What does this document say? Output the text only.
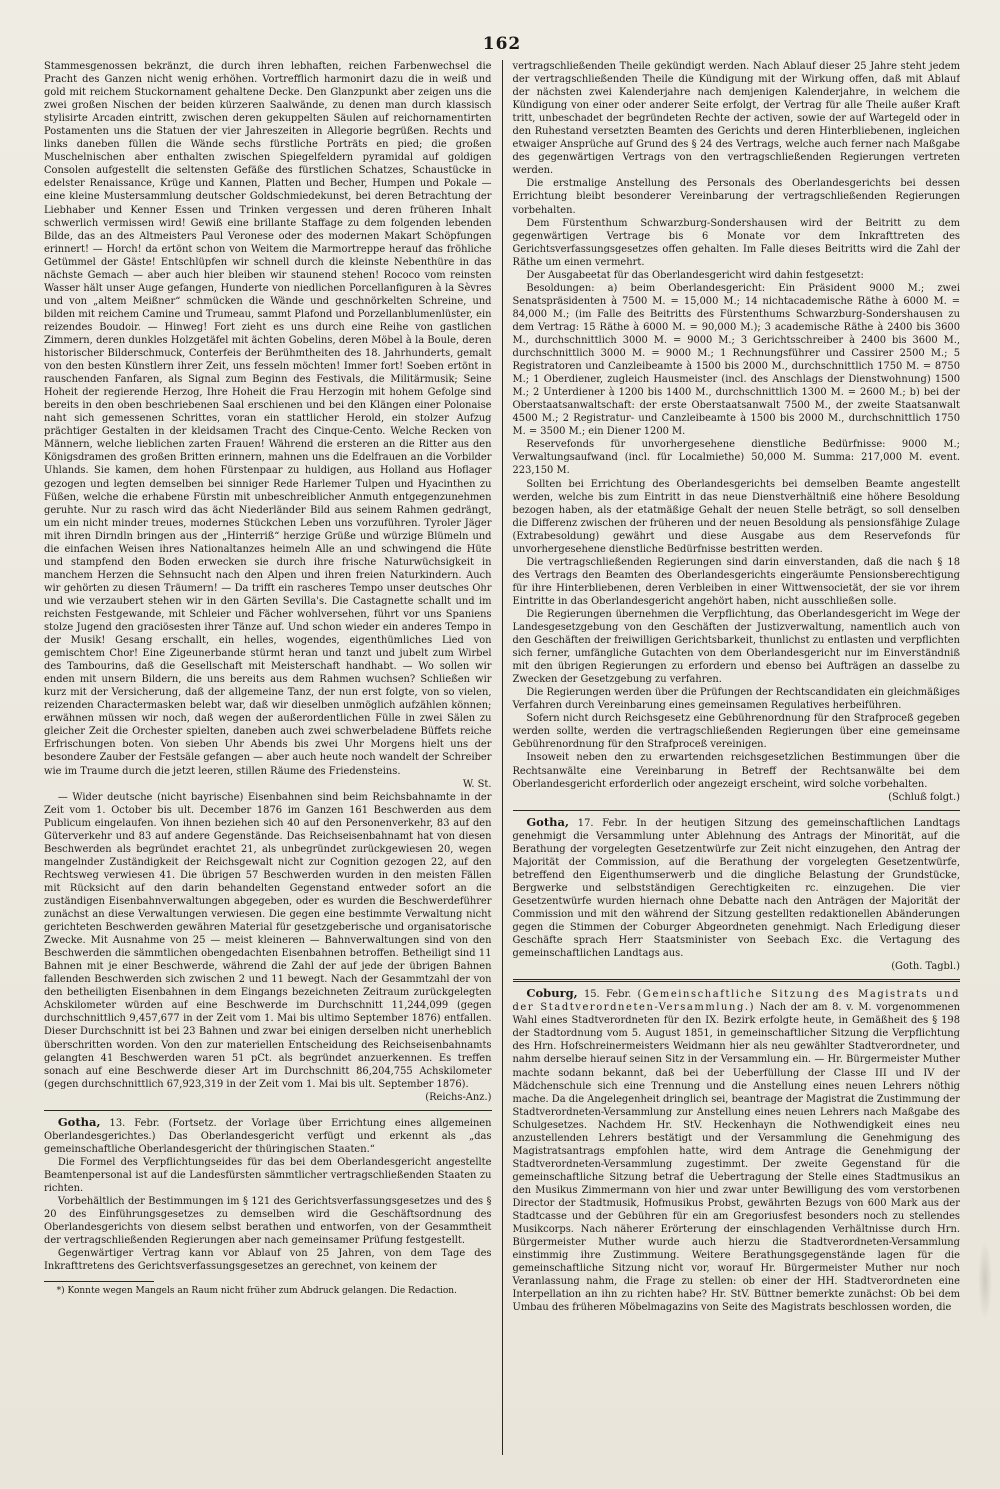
162

Stammesgenossen bekränzt, die durch ihren lebhaften, reichen Farbenwechsel die Pracht des Ganzen nicht wenig erhöhen. Vortrefflich harmonirt dazu die in weiß und gold mit reichem Stuckornament gehaltene Decke. Den Glanzpunkt aber zeigen uns die zwei großen Nischen der beiden kürzeren Saalwände, zu denen man durch klassisch stylisirte Arcaden eintritt, zwischen deren gekuppelten Säulen auf reichornamentirten Postamenten uns die Statuen der vier Jahreszeiten in Allegorie begrüßen. Rechts und links daneben füllen die Wände sechs fürstliche Porträts en pied; die großen Muschelnischen aber enthalten zwischen Spiegelfeldern pyramidal auf goldigen Consolen aufgestellt die seltensten Gefäße des fürstlichen Schatzes, Schaustücke in edelster Renaissance, Krüge und Kannen, Platten und Becher, Humpen und Pokale — eine kleine Mustersammlung deutscher Goldschmiedekunst, bei deren Betrachtung der Liebhaber und Kenner Essen und Trinken vergessen und deren früheren Inhalt schwerlich vermissen wird! Gewiß eine brillante Staffage zu dem folgenden lebenden Bilde, das an des Altmeisters Paul Veronese oder des modernen Makart Schöpfungen erinnert! — Horch! da ertönt schon von Weitem die Marmortreppe herauf das fröhliche Getümmel der Gäste! Entschlüpfen wir schnell durch die kleinste Nebenthüre in das nächste Gemach — aber auch hier bleiben wir staunend stehen! Rococo vom reinsten Wasser hält unser Auge gefangen, Hunderte von niedlichen Porcellanfiguren à la Sèvres und von „altem Meißner“ schmücken die Wände und geschnörkelten Schreine, und bilden mit reichem Camine und Trumeau, sammt Plafond und Porzellanblumenlüster, ein reizendes Boudoir. — Hinweg! Fort zieht es uns durch eine Reihe von gastlichen Zimmern, deren dunkles Holzgetäfel mit ächten Gobelins, deren Möbel à la Boule, deren historischer Bilderschmuck, Conterfeis der Berühmtheiten des 18. Jahrhunderts, gemalt von den besten Künstlern ihrer Zeit, uns fesseln möchten! Immer fort! Soeben ertönt in rauschenden Fanfaren, als Signal zum Beginn des Festivals, die Militärmusik; Seine Hoheit der regierende Herzog, Ihre Hoheit die Frau Herzogin mit hohem Gefolge sind bereits in den oben beschriebenen Saal erschienen und bei den Klängen einer Polonaise naht sich gemessenen Schrittes, voran ein stattlicher Herold, ein stolzer Aufzug prächtiger Gestalten in der kleidsamen Tracht des Cinque-Cento. Welche Recken von Männern, welche lieblichen zarten Frauen! Während die ersteren an die Ritter aus den Königsdramen des großen Britten erinnern, mahnen uns die Edelfrauen an die Vorbilder Uhlands. Sie kamen, dem hohen Fürstenpaar zu huldigen, aus Holland aus Hoflager gezogen und legten demselben bei sinniger Rede Harlemer Tulpen und Hyacinthen zu Füßen, welche die erhabene Fürstin mit unbeschreiblicher Anmuth entgegenzunehmen geruhte. Nur zu rasch wird das ächt Niederländer Bild aus seinem Rahmen gedrängt, um ein nicht minder treues, modernes Stückchen Leben uns vorzuführen. Tyroler Jäger mit ihren Dirndln bringen aus der „Hinterriß“ herzige Grüße und würzige Blümeln und die einfachen Weisen ihres Nationaltanzes heimeln Alle an und schwingend die Hüte und stampfend den Boden erwecken sie durch ihre frische Naturwüchsigkeit in manchem Herzen die Sehnsucht nach den Alpen und ihren freien Naturkindern. Auch wir gehörten zu diesen Träumern! — Da trifft ein rascheres Tempo unser deutsches Ohr und wie verzaubert stehen wir in den Gärten Sevilla's. Die Castagnette schallt und im reichsten Festgewande, mit Schleier und Fächer wohlversehen, führt vor uns Spaniens stolze Jugend den graciösesten ihrer Tänze auf. Und schon wieder ein anderes Tempo in der Musik! Gesang erschallt, ein helles, wogendes, eigenthümliches Lied von gemischtem Chor! Eine Zigeunerbande stürmt heran und tanzt und jubelt zum Wirbel des Tambourins, daß die Gesellschaft mit Meisterschaft handhabt. — Wo sollen wir enden mit unsern Bildern, die uns bereits aus dem Rahmen wuchsen? Schließen wir kurz mit der Versicherung, daß der allgemeine Tanz, der nun erst folgte, von so vielen, reizenden Charactermasken belebt war, daß wir dieselben unmöglich aufzählen können; erwähnen müssen wir noch, daß wegen der außerordentlichen Fülle in zwei Sälen zu gleicher Zeit die Orchester spielten, daneben auch zwei schwerbeladene Büffets reiche Erfrischungen boten. Von sieben Uhr Abends bis zwei Uhr Morgens hielt uns der besondere Zauber der Festsäle gefangen — aber auch heute noch wandelt der Schreiber wie im Traume durch die jetzt leeren, stillen Räume des Friedensteins.

W. St.

— Wider deutsche (nicht bayrische) Eisenbahnen sind beim Reichsbahnamte in der Zeit vom 1. October bis ult. December 1876 im Ganzen 161 Beschwerden aus dem Publicum eingelaufen. Von ihnen beziehen sich 40 auf den Personenverkehr, 83 auf den Güterverkehr und 83 auf andere Gegenstände. Das Reichseisenbahnamt hat von diesen Beschwerden als begründet erachtet 21, als unbegründet zurückgewiesen 20, wegen mangelnder Zuständigkeit der Reichsgewalt nicht zur Cognition gezogen 22, auf den Rechtsweg verwiesen 41. Die übrigen 57 Beschwerden wurden in den meisten Fällen mit Rücksicht auf den darin behandelten Gegenstand entweder sofort an die zuständigen Eisenbahnverwaltungen abgegeben, oder es wurden die Beschwerdeführer zunächst an diese Verwaltungen verwiesen. Die gegen eine bestimmte Verwaltung nicht gerichteten Beschwerden gewähren Material für gesetzgeberische und organisatorische Zwecke. Mit Ausnahme von 25 — meist kleineren — Bahnverwaltungen sind von den Beschwerden die sämmtlichen obengedachten Eisenbahnen betroffen. Betheiligt sind 11 Bahnen mit je einer Beschwerde, während die Zahl der auf jede der übrigen Bahnen fallenden Beschwerden sich zwischen 2 und 11 bewegt. Nach der Gesammtzahl der von den betheiligten Eisenbahnen in dem Eingangs bezeichneten Zeitraum zurückgelegten Achskilometer würden auf eine Beschwerde im Durchschnitt 11,244,099 (gegen durchschnittlich 9,457,677 in der Zeit vom 1. Mai bis ultimo September 1876) entfallen. Dieser Durchschnitt ist bei 23 Bahnen und zwar bei einigen derselben nicht unerheblich überschritten worden. Von den zur materiellen Entscheidung des Reichseisenbahnamts gelangten 41 Beschwerden waren 51 pCt. als begründet anzuerkennen. Es treffen sonach auf eine Beschwerde dieser Art im Durchschnitt 86,204,755 Achskilometer (gegen durchschnittlich 67,923,319 in der Zeit vom 1. Mai bis ult. September 1876).

(Reichs-Anz.)

Gotha, 13. Febr. (Fortsetz. der Vorlage über Errichtung eines allgemeinen Oberlandesgerichtes.) Das Oberlandesgericht verfügt und erkennt als „das gemeinschaftliche Oberlandesgericht der thüringischen Staaten.“

Die Formel des Verpflichtungseides für das bei dem Oberlandesgericht angestellte Beamtenpersonal ist auf die Landesfürsten sämmtlicher vertragschließenden Staaten zu richten.

Vorbehältlich der Bestimmungen im § 121 des Gerichtsverfassungsgesetzes und des § 20 des Einführungsgesetzes zu demselben wird die Geschäftsordnung des Oberlandesgerichts von diesem selbst berathen und entworfen, von der Gesammtheit der vertragschließenden Regierungen aber nach gemeinsamer Prüfung festgestellt.

Gegenwärtiger Vertrag kann vor Ablauf von 25 Jahren, von dem Tage des Inkrafttretens des Gerichtsverfassungsgesetzes an gerechnet, von keinem der

*) Konnte wegen Mangels an Raum nicht früher zum Abdruck gelangen. Die Redaction.

vertragschließenden Theile gekündigt werden. Nach Ablauf dieser 25 Jahre steht jedem der vertragschließenden Theile die Kündigung mit der Wirkung offen, daß mit Ablauf der nächsten zwei Kalenderjahre nach demjenigen Kalenderjahre, in welchem die Kündigung von einer oder anderer Seite erfolgt, der Vertrag für alle Theile außer Kraft tritt, unbeschadet der begründeten Rechte der activen, sowie der auf Wartegeld oder in den Ruhestand versetzten Beamten des Gerichts und deren Hinterbliebenen, ingleichen etwaiger Ansprüche auf Grund des § 24 des Vertrags, welche auch ferner nach Maßgabe des gegenwärtigen Vertrags von den vertragschließenden Regierungen vertreten werden.

Die erstmalige Anstellung des Personals des Oberlandesgerichts bei dessen Errichtung bleibt besonderer Vereinbarung der vertragschließenden Regierungen vorbehalten.

Dem Fürstenthum Schwarzburg-Sondershausen wird der Beitritt zu dem gegenwärtigen Vertrage bis 6 Monate vor dem Inkrafttreten des Gerichtsverfassungsgesetzes offen gehalten. Im Falle dieses Beitritts wird die Zahl der Räthe um einen vermehrt.

Der Ausgabeetat für das Oberlandesgericht wird dahin festgesetzt:

Besoldungen: a) beim Oberlandesgericht: Ein Präsident 9000 M.; zwei Senatspräsidenten à 7500 M. = 15,000 M.; 14 nichtacademische Räthe à 6000 M. = 84,000 M.; (im Falle des Beitritts des Fürstenthums Schwarzburg-Sondershausen zu dem Vertrag: 15 Räthe à 6000 M. = 90,000 M.); 3 academische Räthe à 2400 bis 3600 M., durchschnittlich 3000 M. = 9000 M.; 3 Gerichtsschreiber à 2400 bis 3600 M., durchschnittlich 3000 M. = 9000 M.; 1 Rechnungsführer und Cassirer 2500 M.; 5 Registratoren und Canzleibeamte à 1500 bis 2000 M., durchschnittlich 1750 M. = 8750 M.; 1 Oberdiener, zugleich Hausmeister (incl. des Anschlags der Dienstwohnung) 1500 M.; 2 Unterdiener à 1200 bis 1400 M., durchschnittlich 1300 M. = 2600 M.; b) bei der Oberstaatsanwaltschaft: der erste Oberstaatsanwalt 7500 M., der zweite Staatsanwalt 4500 M.; 2 Registratur- und Canzleibeamte à 1500 bis 2000 M., durchschnittlich 1750 M. = 3500 M.; ein Diener 1200 M.

Reservefonds für unvorhergesehene dienstliche Bedürfnisse: 9000 M.; Verwaltungsaufwand (incl. für Localmiethe) 50,000 M. Summa: 217,000 M. event. 223,150 M.

Sollten bei Errichtung des Oberlandesgerichts bei demselben Beamte angestellt werden, welche bis zum Eintritt in das neue Dienstverhältniß eine höhere Besoldung bezogen haben, als der etatmäßige Gehalt der neuen Stelle beträgt, so soll denselben die Differenz zwischen der früheren und der neuen Besoldung als pensionsfähige Zulage (Extrabesoldung) gewährt und diese Ausgabe aus dem Reservefonds für unvorhergesehene dienstliche Bedürfnisse bestritten werden.

Die vertragschließenden Regierungen sind darin einverstanden, daß die nach § 18 des Vertrags den Beamten des Oberlandesgerichts eingeräumte Pensionsberechtigung für ihre Hinterbliebenen, deren Verbleiben in einer Wittwensocietät, der sie vor ihrem Eintritte in das Oberlandesgericht angehört haben, nicht ausschließen solle.

Die Regierungen übernehmen die Verpflichtung, das Oberlandesgericht im Wege der Landesgesetzgebung von den Geschäften der Justizverwaltung, namentlich auch von den Geschäften der freiwilligen Gerichtsbarkeit, thunlichst zu entlasten und verpflichten sich ferner, umfängliche Gutachten von dem Oberlandesgericht nur im Einverständniß mit den übrigen Regierungen zu erfordern und ebenso bei Aufträgen an dasselbe zu Zwecken der Gesetzgebung zu verfahren.

Die Regierungen werden über die Prüfungen der Rechtscandidaten ein gleichmäßiges Verfahren durch Vereinbarung eines gemeinsamen Regulatives herbeiführen.

Sofern nicht durch Reichsgesetz eine Gebührenordnung für den Strafproceß gegeben werden sollte, werden die vertragschließenden Regierungen über eine gemeinsame Gebührenordnung für den Strafproceß vereinigen.

Insoweit neben den zu erwartenden reichsgesetzlichen Bestimmungen über die Rechtsanwälte eine Vereinbarung in Betreff der Rechtsanwälte bei dem Oberlandesgericht erforderlich oder angezeigt erscheint, wird solche vorbehalten.

(Schluß folgt.)

Gotha, 17. Febr. In der heutigen Sitzung des gemeinschaftlichen Landtags genehmigt die Versammlung unter Ablehnung des Antrags der Minorität, auf die Berathung der vorgelegten Gesetzentwürfe zur Zeit nicht einzugehen, den Antrag der Majorität der Commission, auf die Berathung der vorgelegten Gesetzentwürfe, betreffend den Eigenthumserwerb und die dingliche Belastung der Grundstücke, Bergwerke und selbstständigen Gerechtigkeiten rc. einzugehen. Die vier Gesetzentwürfe wurden hiernach ohne Debatte nach den Anträgen der Majorität der Commission und mit den während der Sitzung gestellten redaktionellen Abänderungen gegen die Stimmen der Coburger Abgeordneten genehmigt. Nach Erledigung dieser Geschäfte sprach Herr Staatsminister von Seebach Exc. die Vertagung des gemeinschaftlichen Landtags aus.

(Goth. Tagbl.)

Coburg, 15. Febr. (Gemeinschaftliche Sitzung des Magistrats und der Stadtverordneten-Versammlung.) Nach der am 8. v. M. vorgenommenen Wahl eines Stadtverordneten für den IX. Bezirk erfolgte heute, in Gemäßheit des § 198 der Stadtordnung vom 5. August 1851, in gemeinschaftlicher Sitzung die Verpflichtung des Hrn. Hofschreinermeisters Weidmann hier als neu gewählter Stadtverordneter, und nahm derselbe hierauf seinen Sitz in der Versammlung ein. — Hr. Bürgermeister Muther machte sodann bekannt, daß bei der Ueberfüllung der Classe III und IV der Mädchenschule sich eine Trennung und die Anstellung eines neuen Lehrers nöthig mache. Da die Angelegenheit dringlich sei, beantrage der Magistrat die Zustimmung der Stadtverordneten-Versammlung zur Anstellung eines neuen Lehrers nach Maßgabe des Schulgesetzes. Nachdem Hr. StV. Heckenhayn die Nothwendigkeit eines neu anzustellenden Lehrers bestätigt und der Versammlung die Genehmigung des Magistratsantrags empfohlen hatte, wird dem Antrage die Genehmigung der Stadtverordneten-Versammlung zugestimmt. Der zweite Gegenstand für die gemeinschaftliche Sitzung betraf die Uebertragung der Stelle eines Stadtmusikus an den Musikus Zimmermann von hier und zwar unter Bewilligung des vom verstorbenen Director der Stadtmusik, Hofmusikus Probst, gewährten Bezugs von 600 Mark aus der Stadtcasse und der Gebühren für ein am Gregoriusfest besonders noch zu stellendes Musikcorps. Nach näherer Erörterung der einschlagenden Verhältnisse durch Hrn. Bürgermeister Muther wurde auch hierzu die Stadtverordneten-Versammlung einstimmig ihre Zustimmung. Weitere Berathungsgegenstände lagen für die gemeinschaftliche Sitzung nicht vor, worauf Hr. Bürgermeister Muther nur noch Veranlassung nahm, die Frage zu stellen: ob einer der HH. Stadtverordneten eine Interpellation an ihn zu richten habe? Hr. StV. Büttner bemerkte zunächst: Ob bei dem Umbau des früheren Möbelmagazins von Seite des Magistrats beschlossen worden, die
